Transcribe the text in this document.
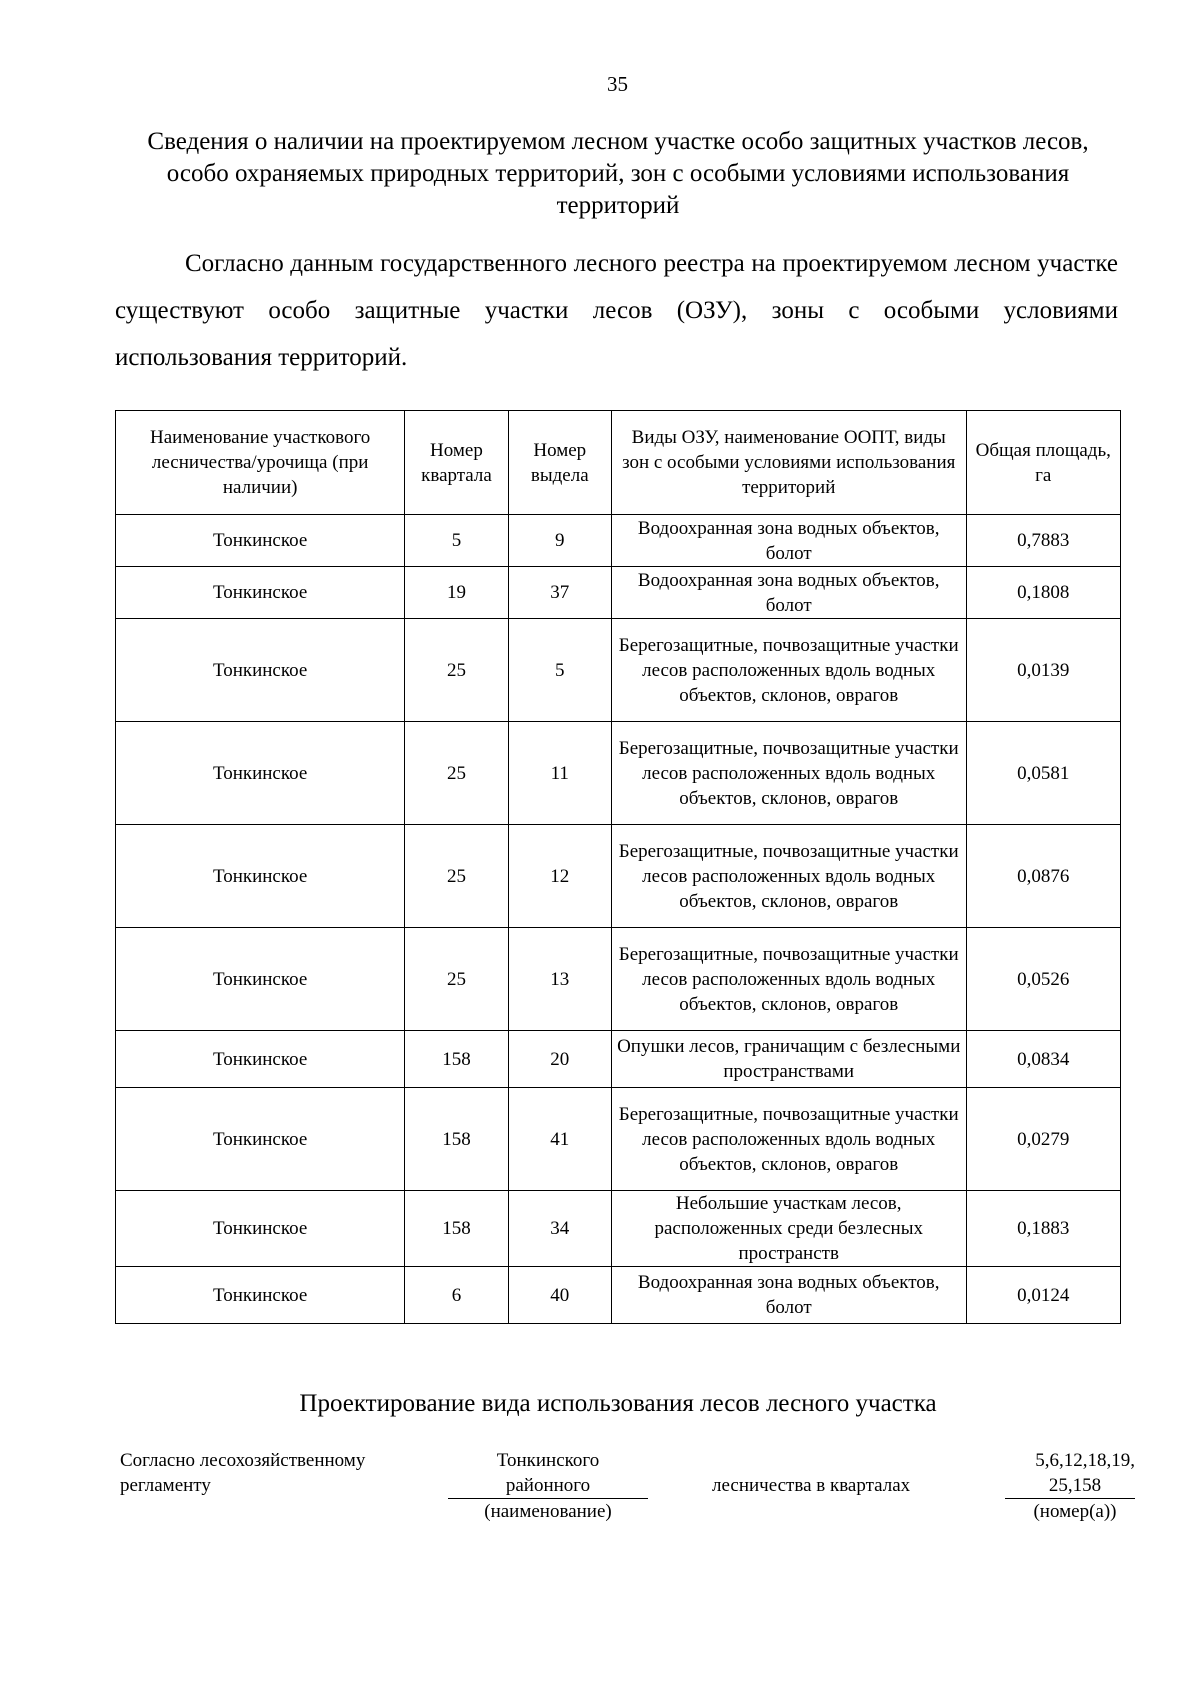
35
Сведения о наличии на проектируемом лесном участке особо защитных участков лесов, особо охраняемых природных территорий, зон с особыми условиями использования территорий

Согласно данным государственного лесного реестра на проектируемом лесном участке существуют особо защитные участки лесов (ОЗУ), зоны с особыми условиями использования территорий.

Наименование участкового лесничества/урочища (при наличии)	Номер квартала	Номер выдела	Виды ОЗУ, наименование ООПТ, виды зон с особыми условиями использования территорий	Общая площадь, га
Тонкинское	5	9	Водоохранная зона водных объектов, болот	0,7883
Тонкинское	19	37	Водоохранная зона водных объектов, болот	0,1808
Тонкинское	25	5	Берегозащитные, почвозащитные участки лесов расположенных вдоль водных объектов, склонов, оврагов	0,0139
Тонкинское	25	11	Берегозащитные, почвозащитные участки лесов расположенных вдоль водных объектов, склонов, оврагов	0,0581
Тонкинское	25	12	Берегозащитные, почвозащитные участки лесов расположенных вдоль водных объектов, склонов, оврагов	0,0876
Тонкинское	25	13	Берегозащитные, почвозащитные участки лесов расположенных вдоль водных объектов, склонов, оврагов	0,0526
Тонкинское	158	20	Опушки лесов, граничащим с безлесными пространствами	0,0834
Тонкинское	158	41	Берегозащитные, почвозащитные участки лесов расположенных вдоль водных объектов, склонов, оврагов	0,0279
Тонкинское	158	34	Небольшие участкам лесов, расположенных среди безлесных пространств	0,1883
Тонкинское	6	40	Водоохранная зона водных объектов, болот	0,0124
Проектирование вида использования лесов лесного участка
Согласно лесохозяйственному
регламенту
Тонкинского
районного
(наименование)
лесничества в кварталах
5,6,12,18,19,
25,158
(номер(а))
